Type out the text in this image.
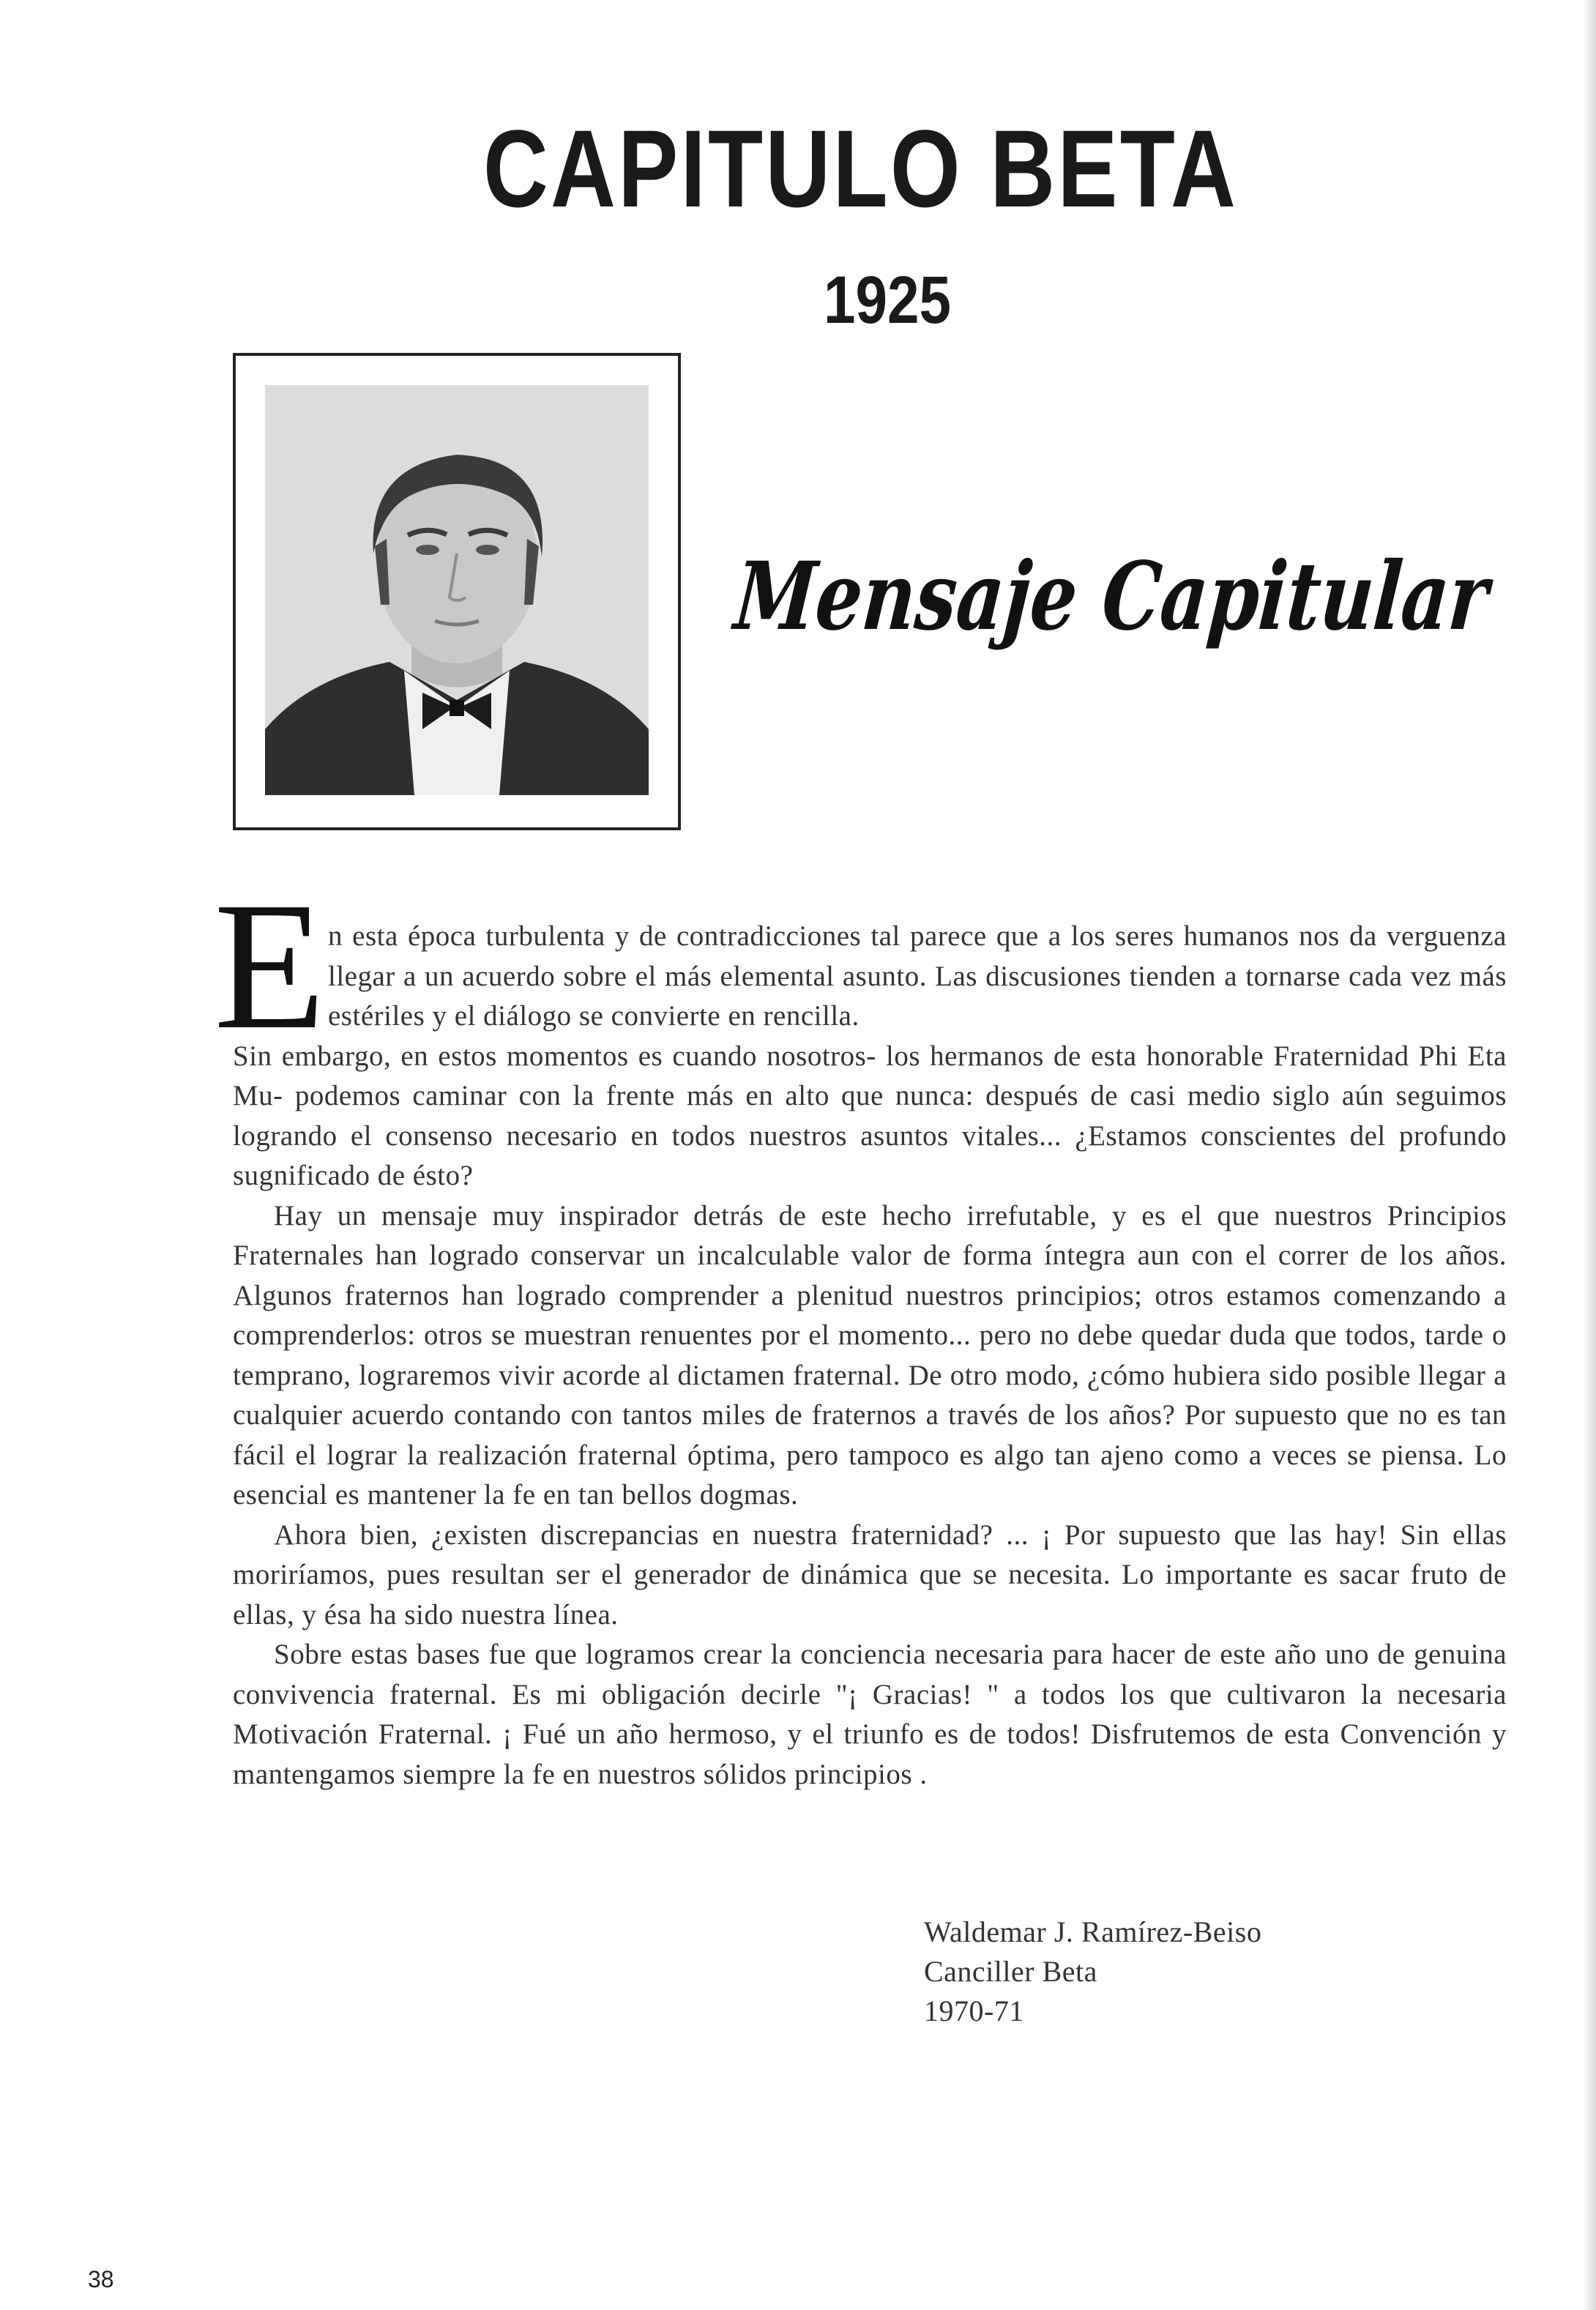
CAPITULO BETA
1925
Mensaje Capitular
E n esta época turbulenta y de contradicciones tal parece que a los seres humanos nos da verguenza llegar a un acuerdo sobre el más elemental asunto. Las discusiones tienden a tornarse cada vez más estériles y el diálogo se convierte en rencilla.
Sin embargo, en estos momentos es cuando nosotros- los hermanos de esta honorable Fraternidad Phi Eta Mu- podemos caminar con la frente más en alto que nunca: después de casi medio siglo aún seguimos logrando el consenso necesario en todos nuestros asuntos vitales... ¿Estamos conscientes del profundo sugnificado de ésto?

Hay un mensaje muy inspirador detrás de este hecho irrefutable, y es el que nuestros Principios Fraternales han logrado conservar un incalculable valor de forma íntegra aun con el correr de los años. Algunos fraternos han logrado comprender a plenitud nuestros principios; otros estamos comenzando a comprenderlos: otros se muestran renuentes por el momento... pero no debe quedar duda que todos, tarde o temprano, lograremos vivir acorde al dictamen fraternal. De otro modo, ¿cómo hubiera sido posible llegar a cualquier acuerdo contando con tantos miles de fraternos a través de los años? Por supuesto que no es tan fácil el lograr la realización fraternal óptima, pero tampoco es algo tan ajeno como a veces se piensa. Lo esencial es mantener la fe en tan bellos dogmas.

Ahora bien, ¿existen discrepancias en nuestra fraternidad? ... ¡ Por supuesto que las hay! Sin ellas moriríamos, pues resultan ser el generador de dinámica que se necesita. Lo importante es sacar fruto de ellas, y ésa ha sido nuestra línea.

Sobre estas bases fue que logramos crear la conciencia necesaria para hacer de este año uno de genuina convivencia fraternal. Es mi obligación decirle "¡ Gracias! " a todos los que cultivaron la necesaria Motivación Fraternal. ¡ Fué un año hermoso, y el triunfo es de todos! Disfrutemos de esta Convención y mantengamos siempre la fe en nuestros sólidos principios .

Waldemar J. Ramírez-Beiso
Canciller Beta
1970-71
38
